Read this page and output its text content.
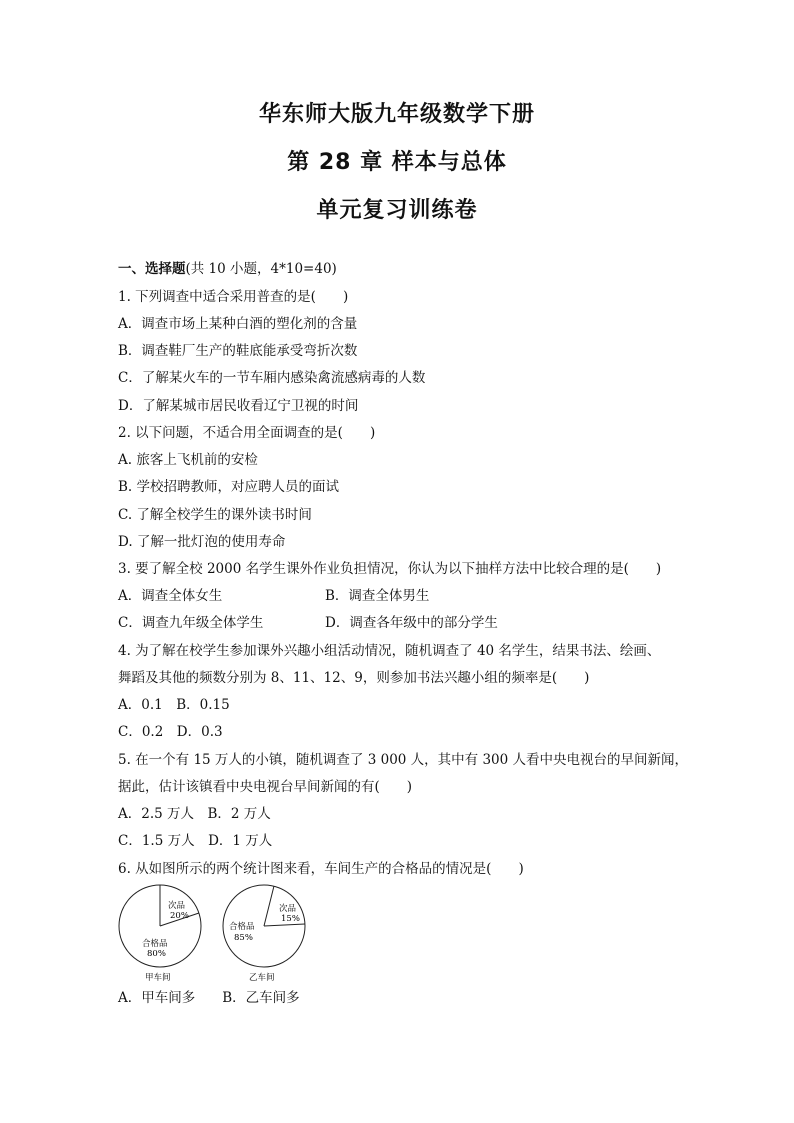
华东师大版九年级数学下册
第 28 章 样本与总体
单元复习训练卷
一、选择题(共 10 小题，4*10=40)
1. 下列调查中适合采用普查的是(　　)
A．调查市场上某种白酒的塑化剂的含量
B．调查鞋厂生产的鞋底能承受弯折次数
C．了解某火车的一节车厢内感染禽流感病毒的人数
D．了解某城市居民收看辽宁卫视的时间
2. 以下问题，不适合用全面调查的是(　　)
A. 旅客上飞机前的安检
B. 学校招聘教师，对应聘人员的面试
C. 了解全校学生的课外读书时间
D. 了解一批灯泡的使用寿命
3. 要了解全校 2000 名学生课外作业负担情况，你认为以下抽样方法中比较合理的是(　　)
A．调查全体女生	B．调查全体男生
C．调查九年级全体学生	D．调查各年级中的部分学生
4. 为了解在校学生参加课外兴趣小组活动情况，随机调查了 40 名学生，结果书法、绘画、
舞蹈及其他的频数分别为 8、11、12、9，则参加书法兴趣小组的频率是(　　)
A．0.1　B．0.15
C．0.2　D．0.3
5. 在一个有 15 万人的小镇，随机调查了 3 000 人，其中有 300 人看中央电视台的早间新闻，
据此，估计该镇看中央电视台早间新闻的有(　　)
A．2.5 万人　B．2 万人
C．1.5 万人　D．1 万人
6. 从如图所示的两个统计图来看，车间生产的合格品的情况是(　　)
次品
20%
合格品
80%
甲车间
次品
15%
合格品
85%
乙车间
A．甲车间多　　B．乙车间多
